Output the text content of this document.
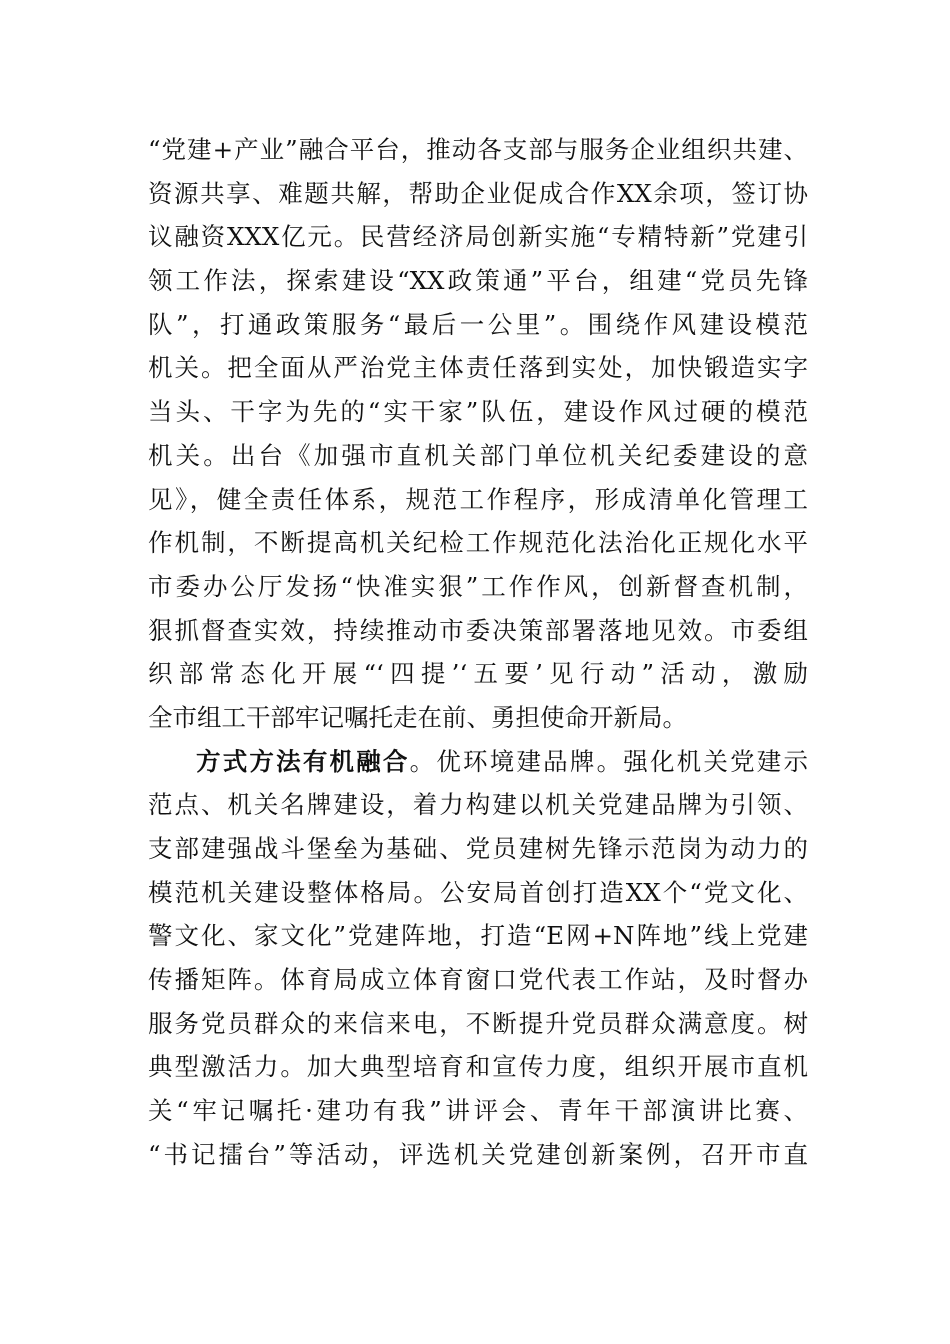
“党建+产业”融合平台，推动各支部与服务企业组织共建、
资源共享、难题共解，帮助企业促成合作XX余项，签订协
议融资XXX亿元。民营经济局创新实施“专精特新”党建引
领工作法，探索建设“XX政策通”平台，组建“党员先锋
队”，打通政策服务“最后一公里”。围绕作风建设模范
机关。把全面从严治党主体责任落到实处，加快锻造实字
当头、干字为先的“实干家”队伍，建设作风过硬的模范
机关。出台《加强市直机关部门单位机关纪委建设的意
见》，健全责任体系，规范工作程序，形成清单化管理工
作机制，不断提高机关纪检工作规范化法治化正规化水平
市委办公厅发扬“快准实狠”工作作风，创新督查机制，
狠抓督查实效，持续推动市委决策部署落地见效。市委组
织部常态化开展“‘四提’‘五要’见行动”活动，激励
全市组工干部牢记嘱托走在前、勇担使命开新局。
方式方法有机融合。优环境建品牌。强化机关党建示
范点、机关名牌建设，着力构建以机关党建品牌为引领、
支部建强战斗堡垒为基础、党员建树先锋示范岗为动力的
模范机关建设整体格局。公安局首创打造XX个“党文化、
警文化、家文化”党建阵地，打造“E网+N阵地”线上党建
传播矩阵。体育局成立体育窗口党代表工作站，及时督办
服务党员群众的来信来电，不断提升党员群众满意度。树
典型激活力。加大典型培育和宣传力度，组织开展市直机
关“牢记嘱托·建功有我”讲评会、青年干部演讲比赛、
“书记擂台”等活动，评选机关党建创新案例，召开市直
